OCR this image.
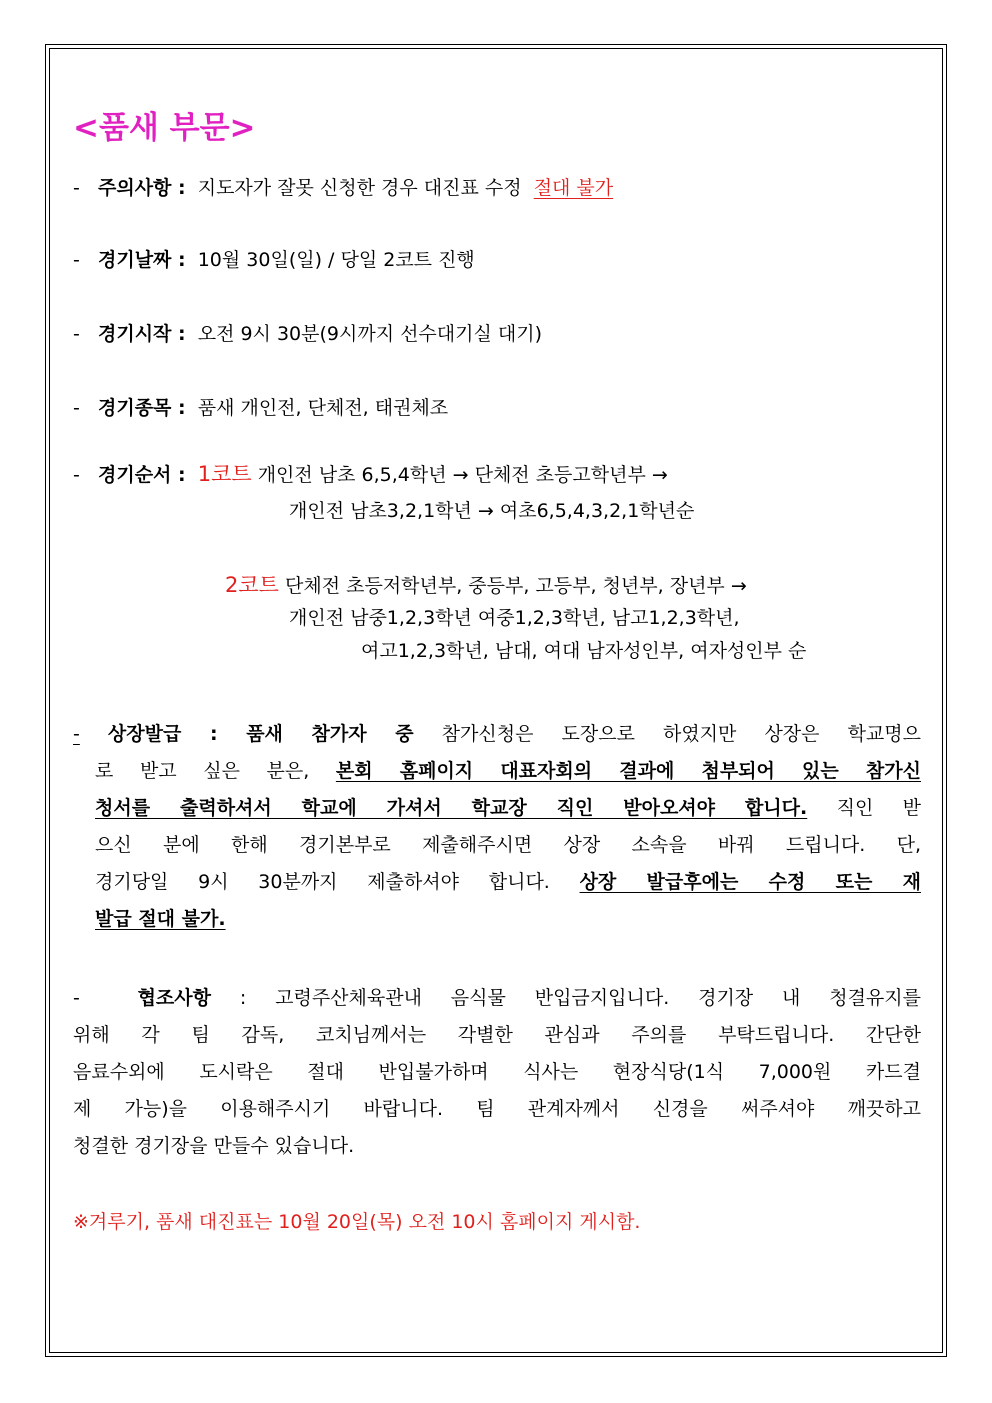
<품새 부문>
- 주의사항 : 지도자가 잘못 신청한 경우 대진표 수정 절대 불가
- 경기날짜 : 10월 30일(일) / 당일 2코트 진행
- 경기시작 : 오전 9시 30분(9시까지 선수대기실 대기)
- 경기종목 : 품새 개인전, 단체전, 태권체조
- 경기순서 : 1코트 개인전 남초 6,5,4학년 → 단체전 초등고학년부 →
개인전 남초3,2,1학년 → 여초6,5,4,3,2,1학년순
2코트 단체전 초등저학년부, 중등부, 고등부, 청년부, 장년부 →
개인전 남중1,2,3학년 여중1,2,3학년, 남고1,2,3학년,
여고1,2,3학년, 남대, 여대 남자성인부, 여자성인부 순
- 상장발급 : 품새 참가자 중 참가신청은 도장으로 하였지만 상장은 학교명으
로 받고 싶은 분은, 본회 홈페이지 대표자회의 결과에 첨부되어 있는 참가신
청서를 출력하셔서 학교에 가셔서 학교장 직인 받아오셔야 합니다. 직인 받
으신 분에 한해 경기본부로 제출해주시면 상장 소속을 바꿔 드립니다. 단,
경기당일 9시 30분까지 제출하셔야 합니다. 상장 발급후에는 수정 또는 재
발급 절대 불가.
-	협조사항 : 고령주산체육관내 음식물 반입금지입니다. 경기장 내 청결유지를
위해 각 팀 감독, 코치님께서는 각별한 관심과 주의를 부탁드립니다. 간단한
음료수외에 도시락은 절대 반입불가하며 식사는 현장식당(1식 7,000원 카드결
제 가능)을 이용해주시기 바랍니다. 팀 관계자께서 신경을 써주셔야 깨끗하고
청결한 경기장을 만들수 있습니다.
※겨루기, 품새 대진표는 10월 20일(목) 오전 10시 홈페이지 게시함.
